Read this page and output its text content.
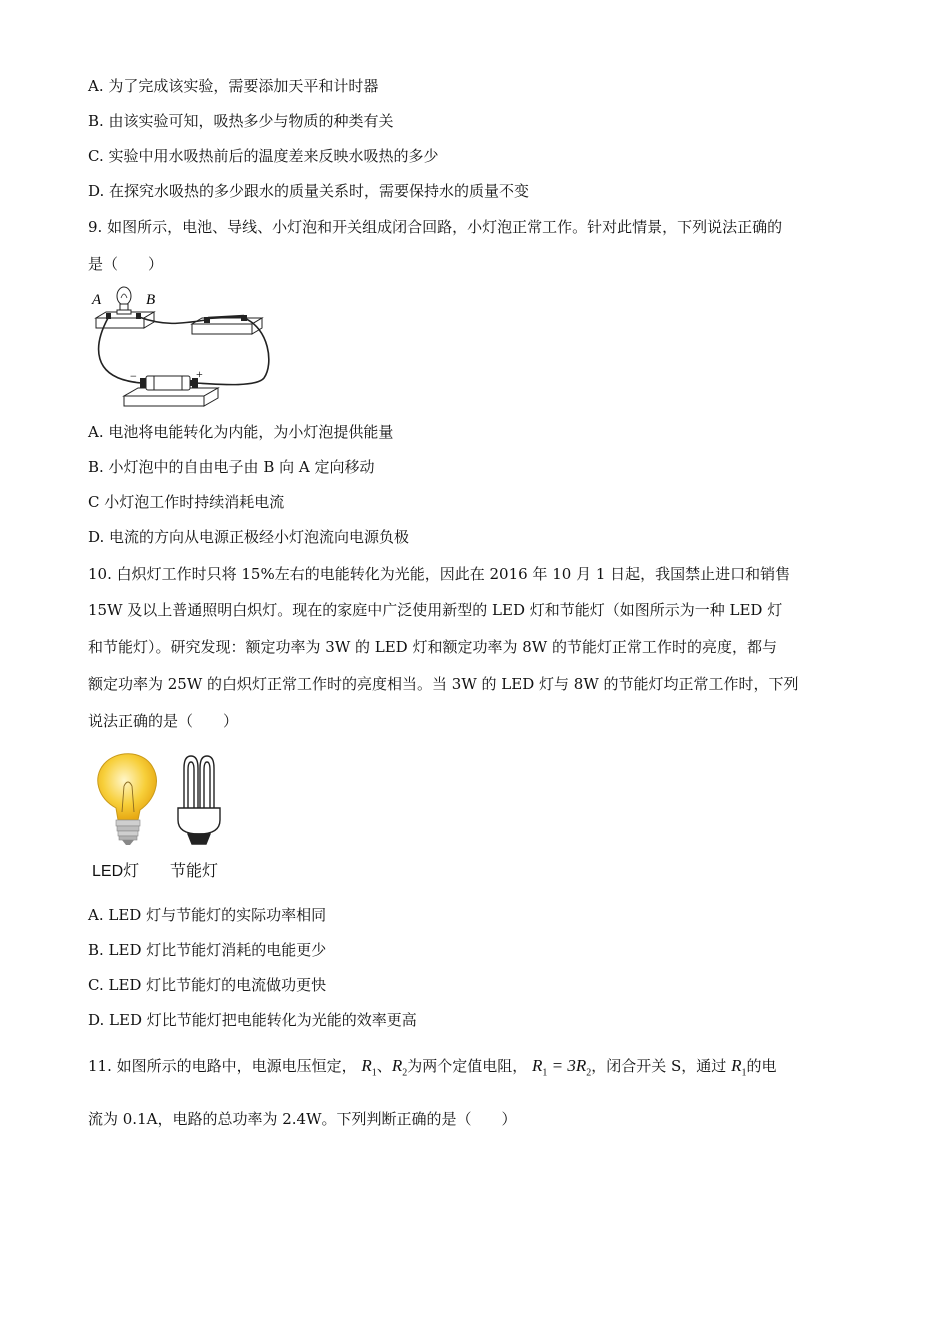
A. 为了完成该实验，需要添加天平和计时器
B. 由该实验可知，吸热多少与物质的种类有关
C. 实验中用水吸热前后的温度差来反映水吸热的多少
D. 在探究水吸热的多少跟水的质量关系时，需要保持水的质量不变
9. 如图所示，电池、导线、小灯泡和开关组成闭合回路，小灯泡正常工作。针对此情景，下列说法正确的
是（　　）
A	B
−	+
A. 电池将电能转化为内能，为小灯泡提供能量
B. 小灯泡中的自由电子由 B 向 A 定向移动
C 小灯泡工作时持续消耗电流
D. 电流的方向从电源正极经小灯泡流向电源负极
10. 白炽灯工作时只将 15%左右的电能转化为光能，因此在 2016 年 10 月 1 日起，我国禁止进口和销售
15W 及以上普通照明白炽灯。现在的家庭中广泛使用新型的 LED 灯和节能灯（如图所示为一种 LED 灯
和节能灯）。研究发现：额定功率为 3W 的 LED 灯和额定功率为 8W 的节能灯正常工作时的亮度，都与
额定功率为 25W 的白炽灯正常工作时的亮度相当。当 3W 的 LED 灯与 8W 的节能灯均正常工作时，下列
说法正确的是（　　）
LED灯 节能灯
A. LED 灯与节能灯的实际功率相同
B. LED 灯比节能灯消耗的电能更少
C. LED 灯比节能灯的电流做功更快
D. LED 灯比节能灯把电能转化为光能的效率更高
11. 如图所示的电路中，电源电压恒定， $R_1$、$R_2$为两个定值电阻， $R_1 = 3R_2$，闭合开关 S，通过 $R_1$的电
流为 0.1A，电路的总功率为 2.4W。下列判断正确的是（　　）
